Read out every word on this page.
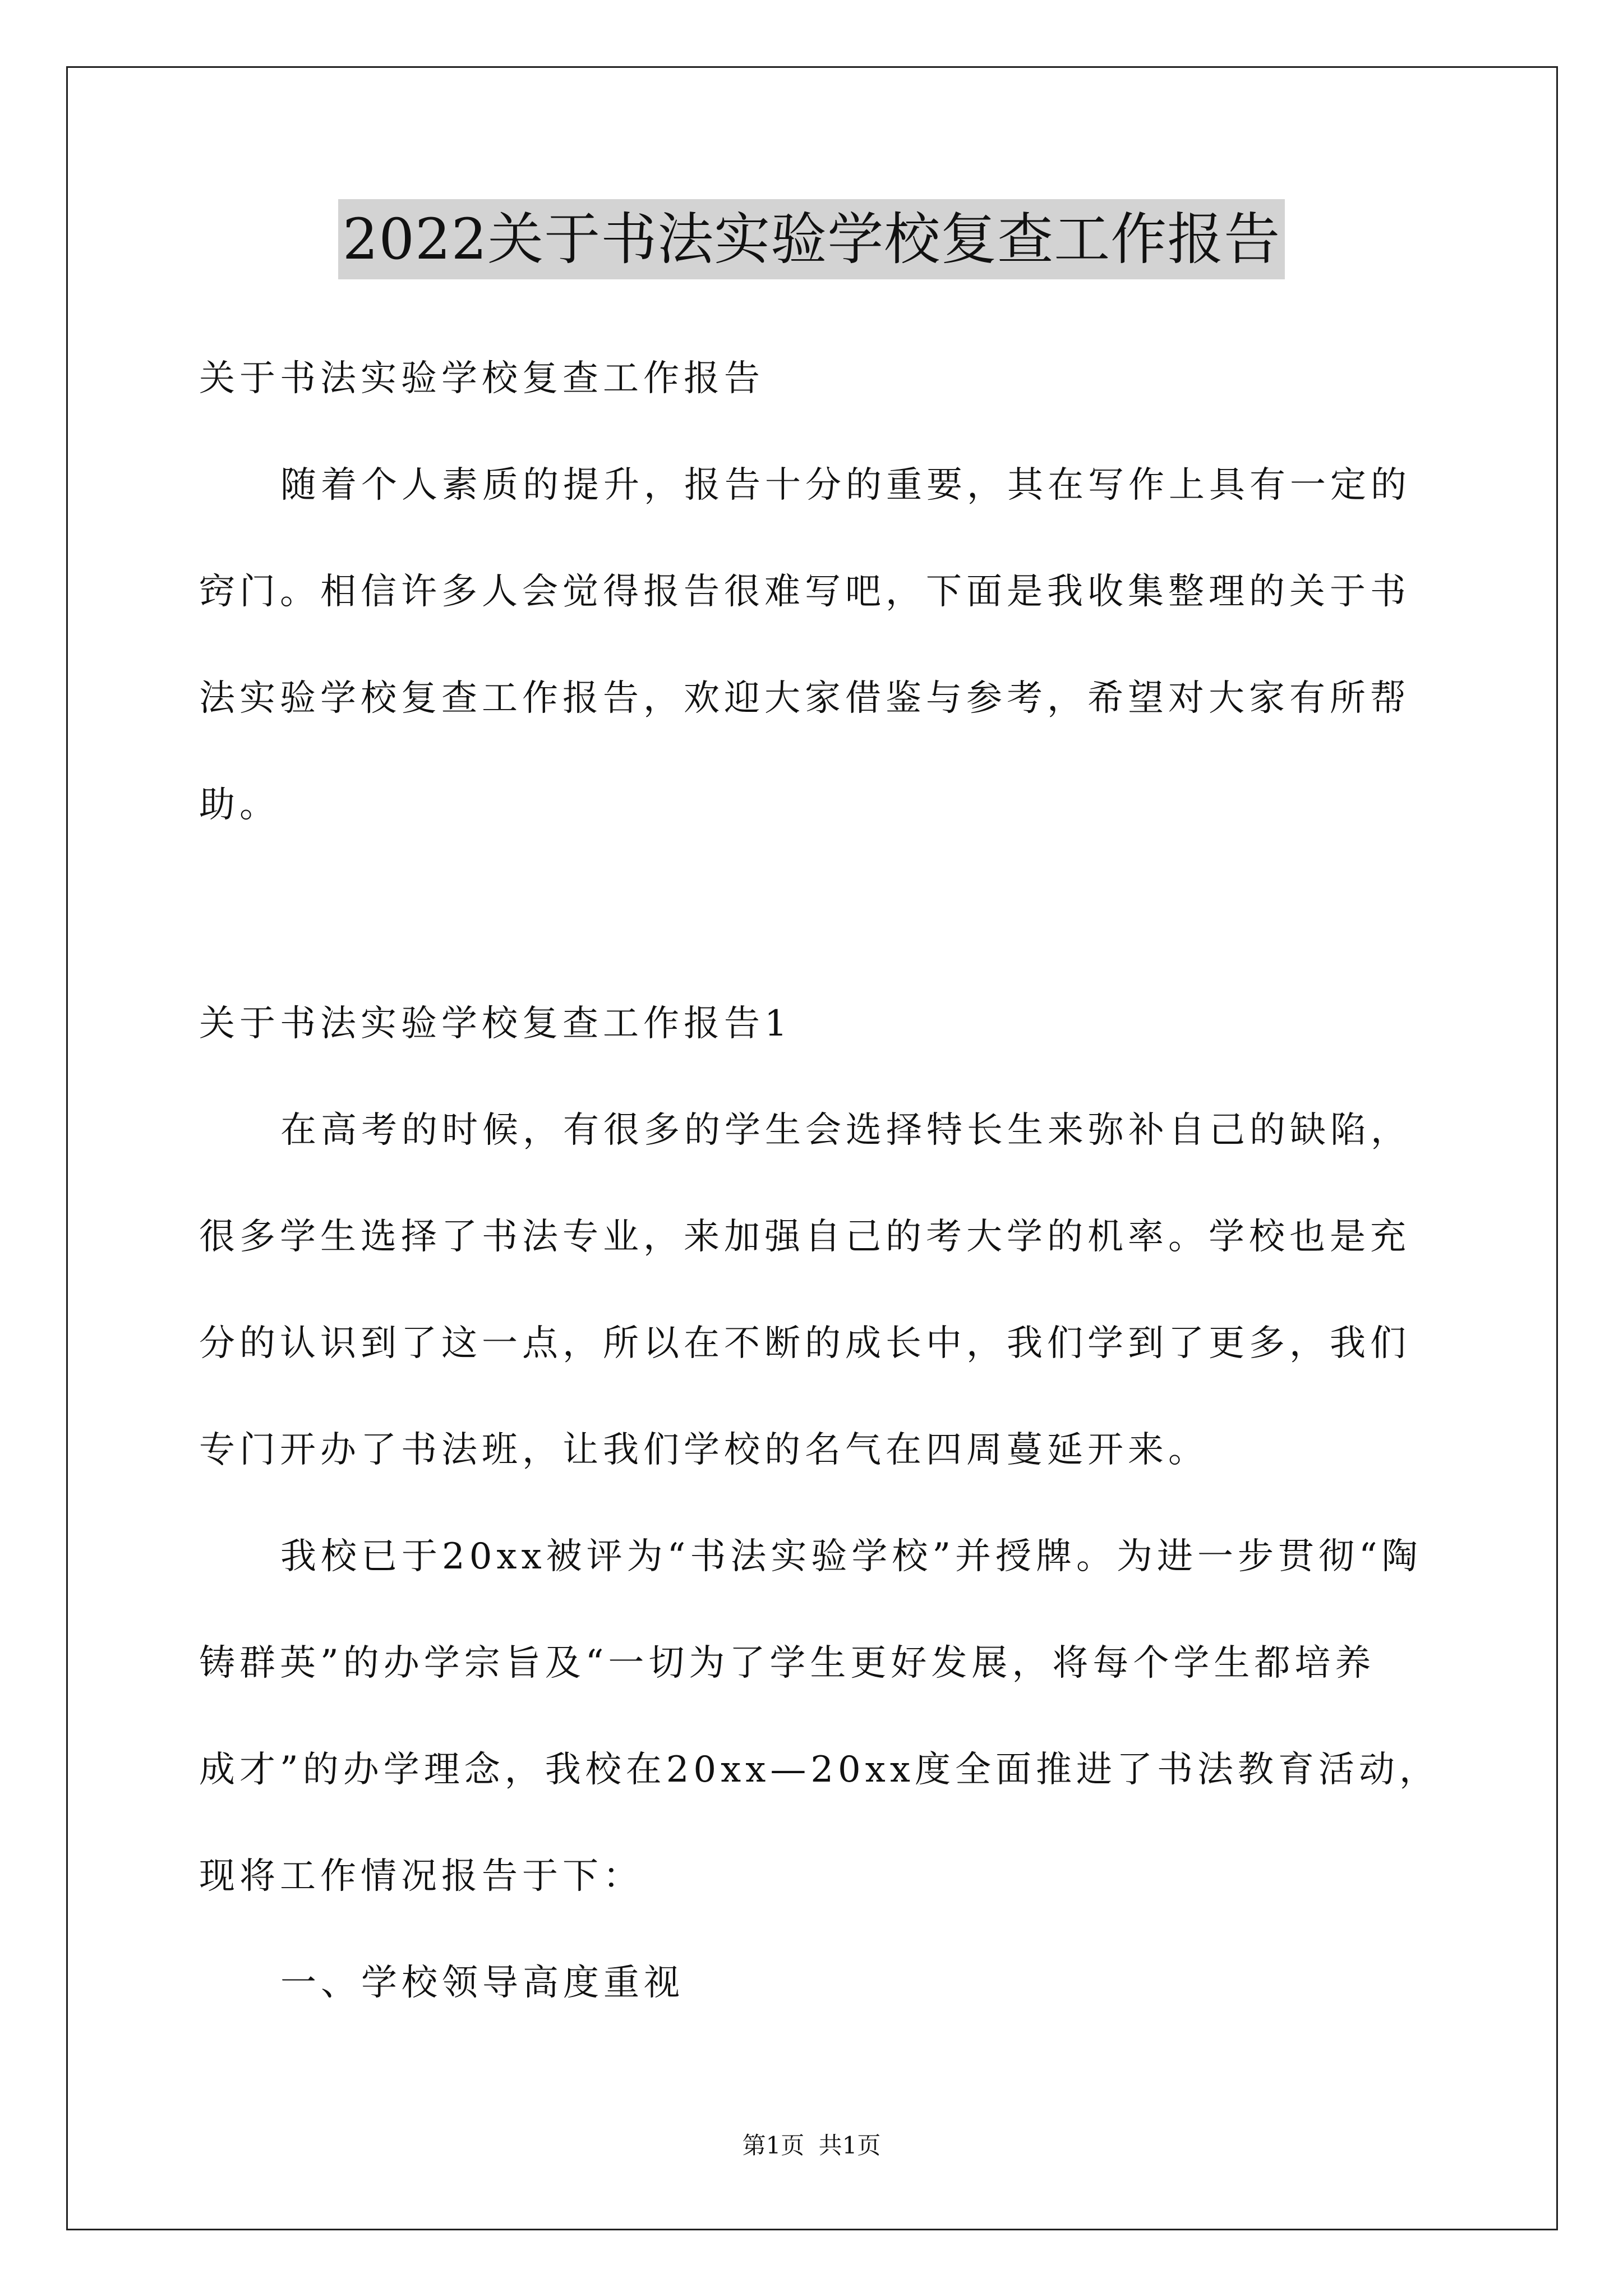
2022关于书法实验学校复查工作报告
关于书法实验学校复查工作报告
随着个人素质的提升，报告十分的重要，其在写作上具有一定的
窍门。相信许多人会觉得报告很难写吧，下面是我收集整理的关于书
法实验学校复查工作报告，欢迎大家借鉴与参考，希望对大家有所帮
助。
关于书法实验学校复查工作报告1
在高考的时候，有很多的学生会选择特长生来弥补自己的缺陷，
很多学生选择了书法专业，来加强自己的考大学的机率。学校也是充
分的认识到了这一点，所以在不断的成长中，我们学到了更多，我们
专门开办了书法班，让我们学校的名气在四周蔓延开来。
我校已于20xx被评为“书法实验学校”并授牌。为进一步贯彻“陶
铸群英”的办学宗旨及“一切为了学生更好发展，将每个学生都培养
成才”的办学理念，我校在20xx—20xx度全面推进了书法教育活动，
现将工作情况报告于下：
一、学校领导高度重视
第1页 共1页
